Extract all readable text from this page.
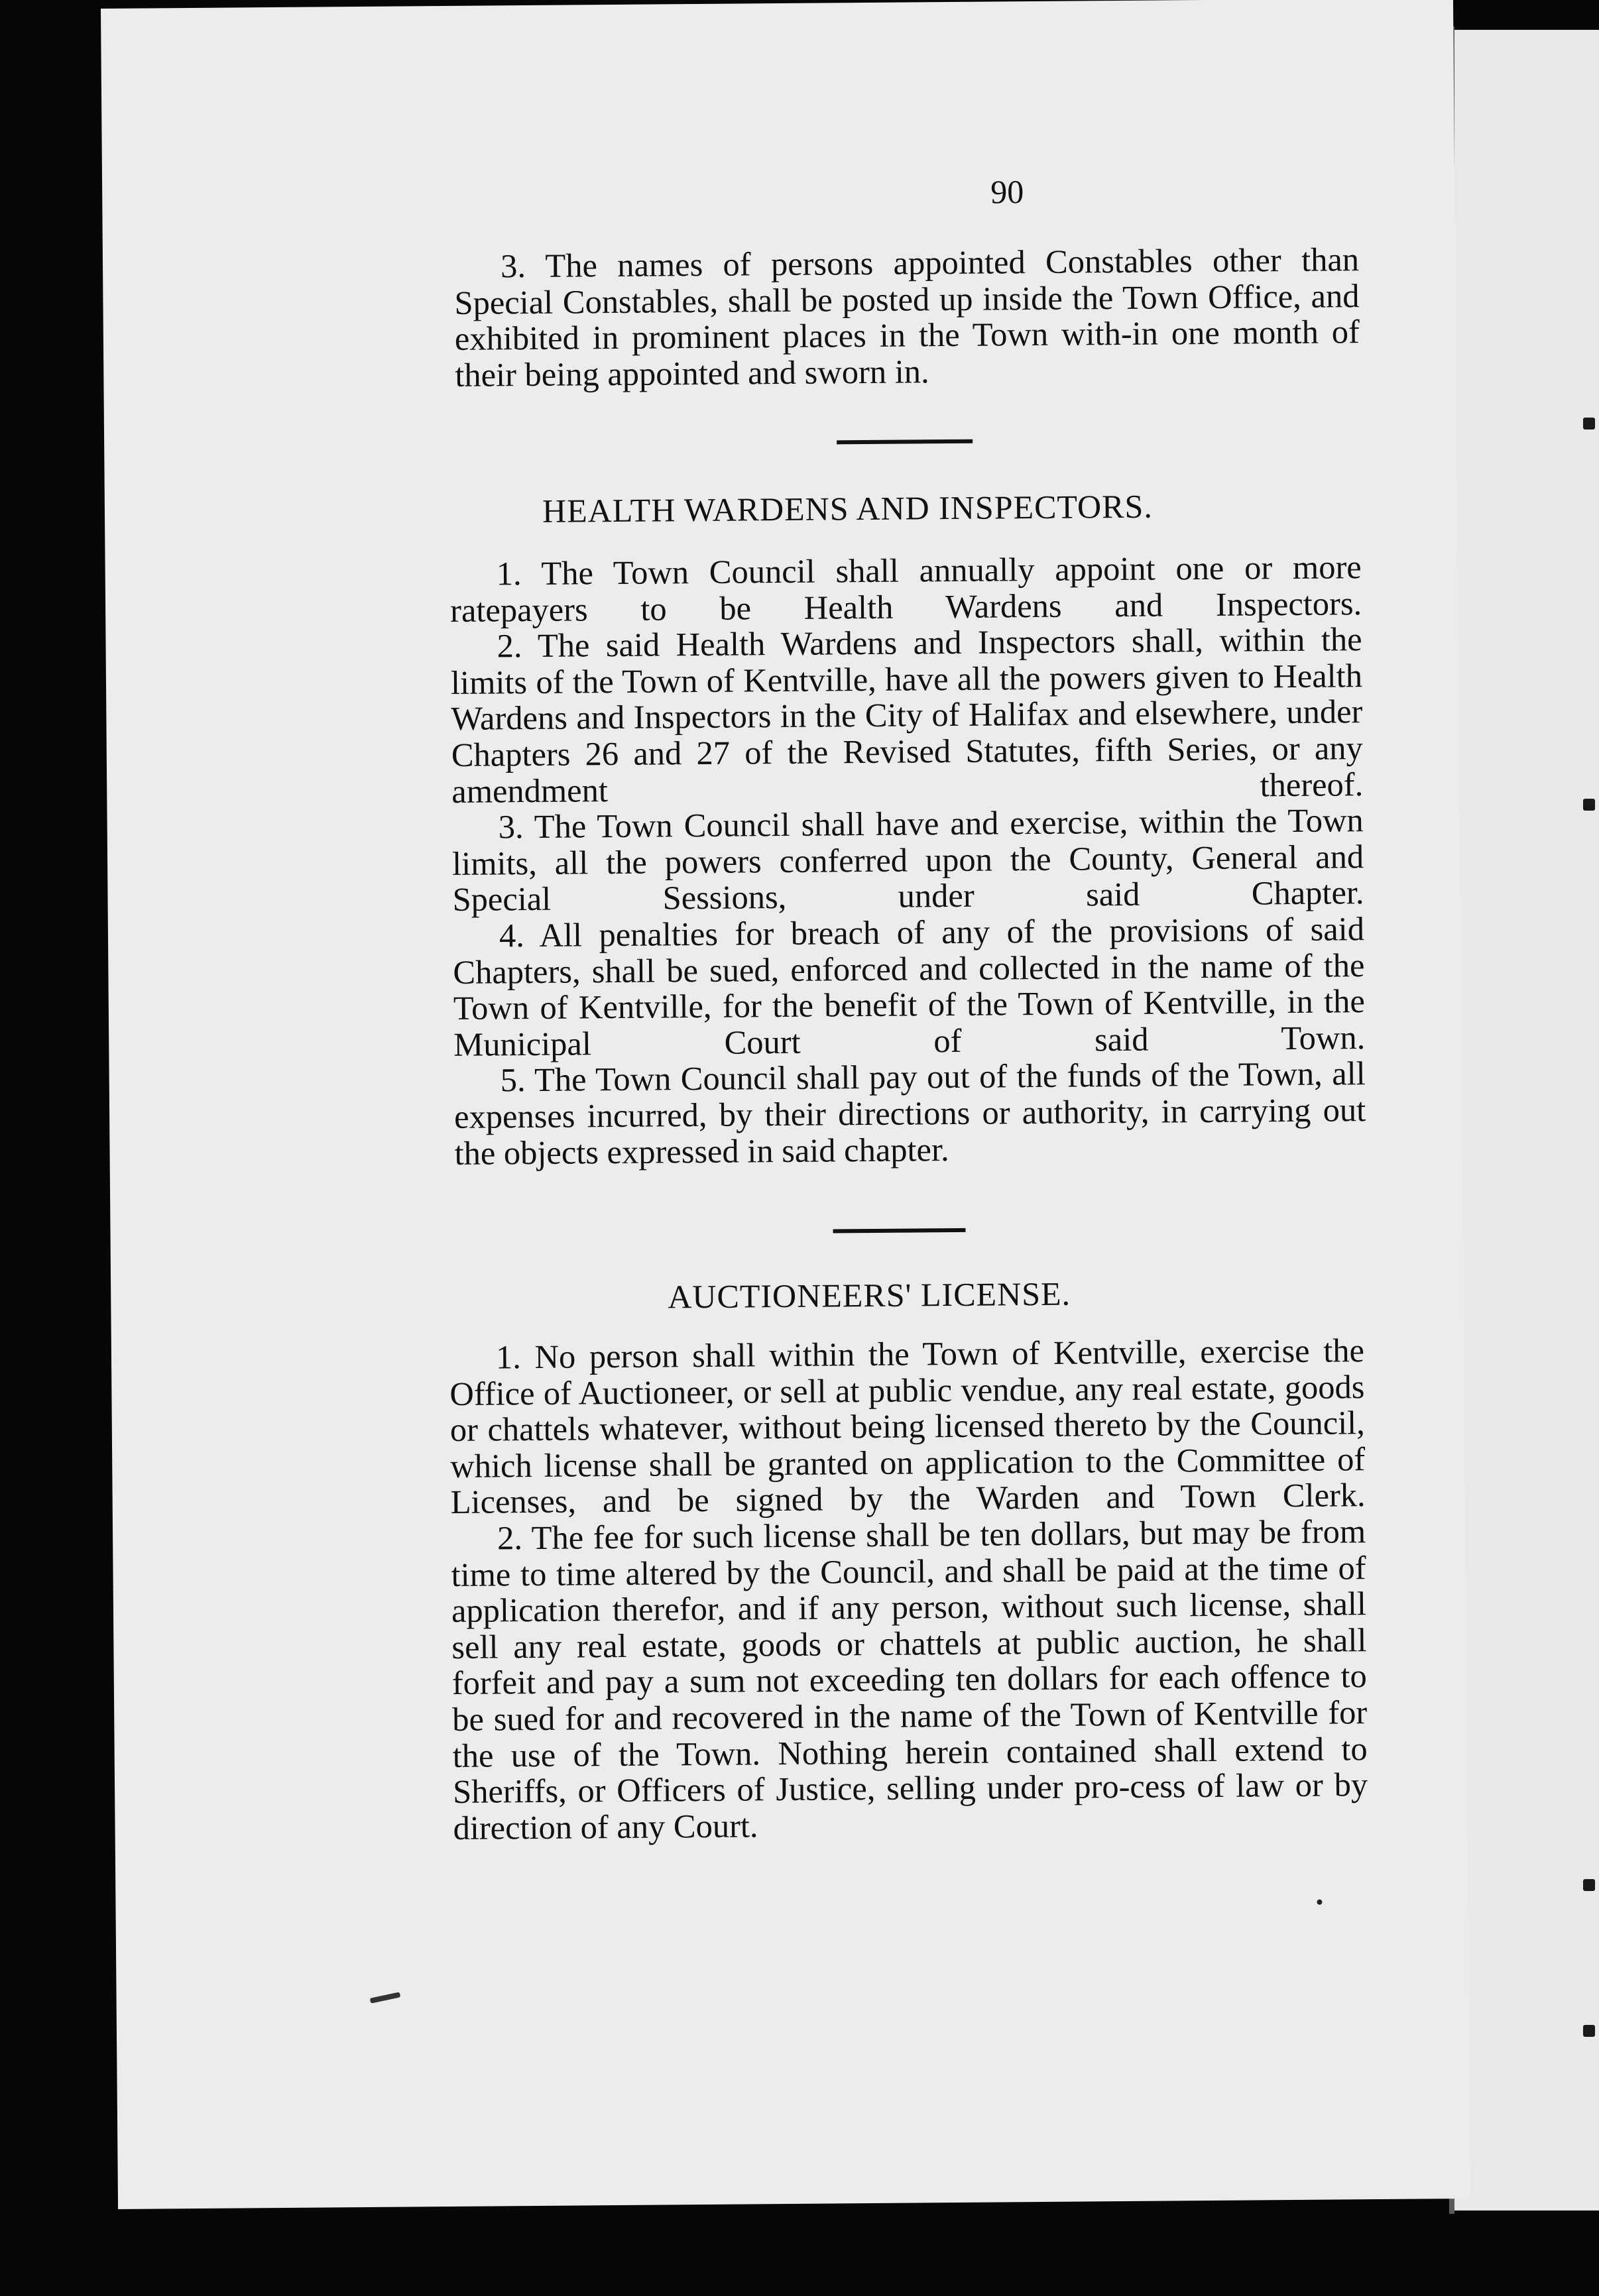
90

3. The names of persons appointed Constables other than Special Constables, shall be posted up inside the Town Office, and exhibited in prominent places in the Town with-in one month of their being appointed and sworn in.

HEALTH WARDENS AND INSPECTORS.

1. The Town Council shall annually appoint one or more ratepayers to be Health Wardens and Inspectors.

2. The said Health Wardens and Inspectors shall, within the limits of the Town of Kentville, have all the powers given to Health Wardens and Inspectors in the City of Halifax and elsewhere, under Chapters 26 and 27 of the Revised Statutes, fifth Series, or any amendment thereof.

3. The Town Council shall have and exercise, within the Town limits, all the powers conferred upon the County, General and Special Sessions, under said Chapter.

4. All penalties for breach of any of the provisions of said Chapters, shall be sued, enforced and collected in the name of the Town of Kentville, for the benefit of the Town of Kentville, in the Municipal Court of said Town.

5. The Town Council shall pay out of the funds of the Town, all expenses incurred, by their directions or authority, in carrying out the objects expressed in said chapter.

AUCTIONEERS' LICENSE.

1. No person shall within the Town of Kentville, exercise the Office of Auctioneer, or sell at public vendue, any real estate, goods or chattels whatever, without being licensed thereto by the Council, which license shall be granted on application to the Committee of Licenses, and be signed by the Warden and Town Clerk.

2. The fee for such license shall be ten dollars, but may be from time to time altered by the Council, and shall be paid at the time of application therefor, and if any person, without such license, shall sell any real estate, goods or chattels at public auction, he shall forfeit and pay a sum not exceeding ten dollars for each offence to be sued for and recovered in the name of the Town of Kentville for the use of the Town. Nothing herein contained shall extend to Sheriffs, or Officers of Justice, selling under pro-cess of law or by direction of any Court.
